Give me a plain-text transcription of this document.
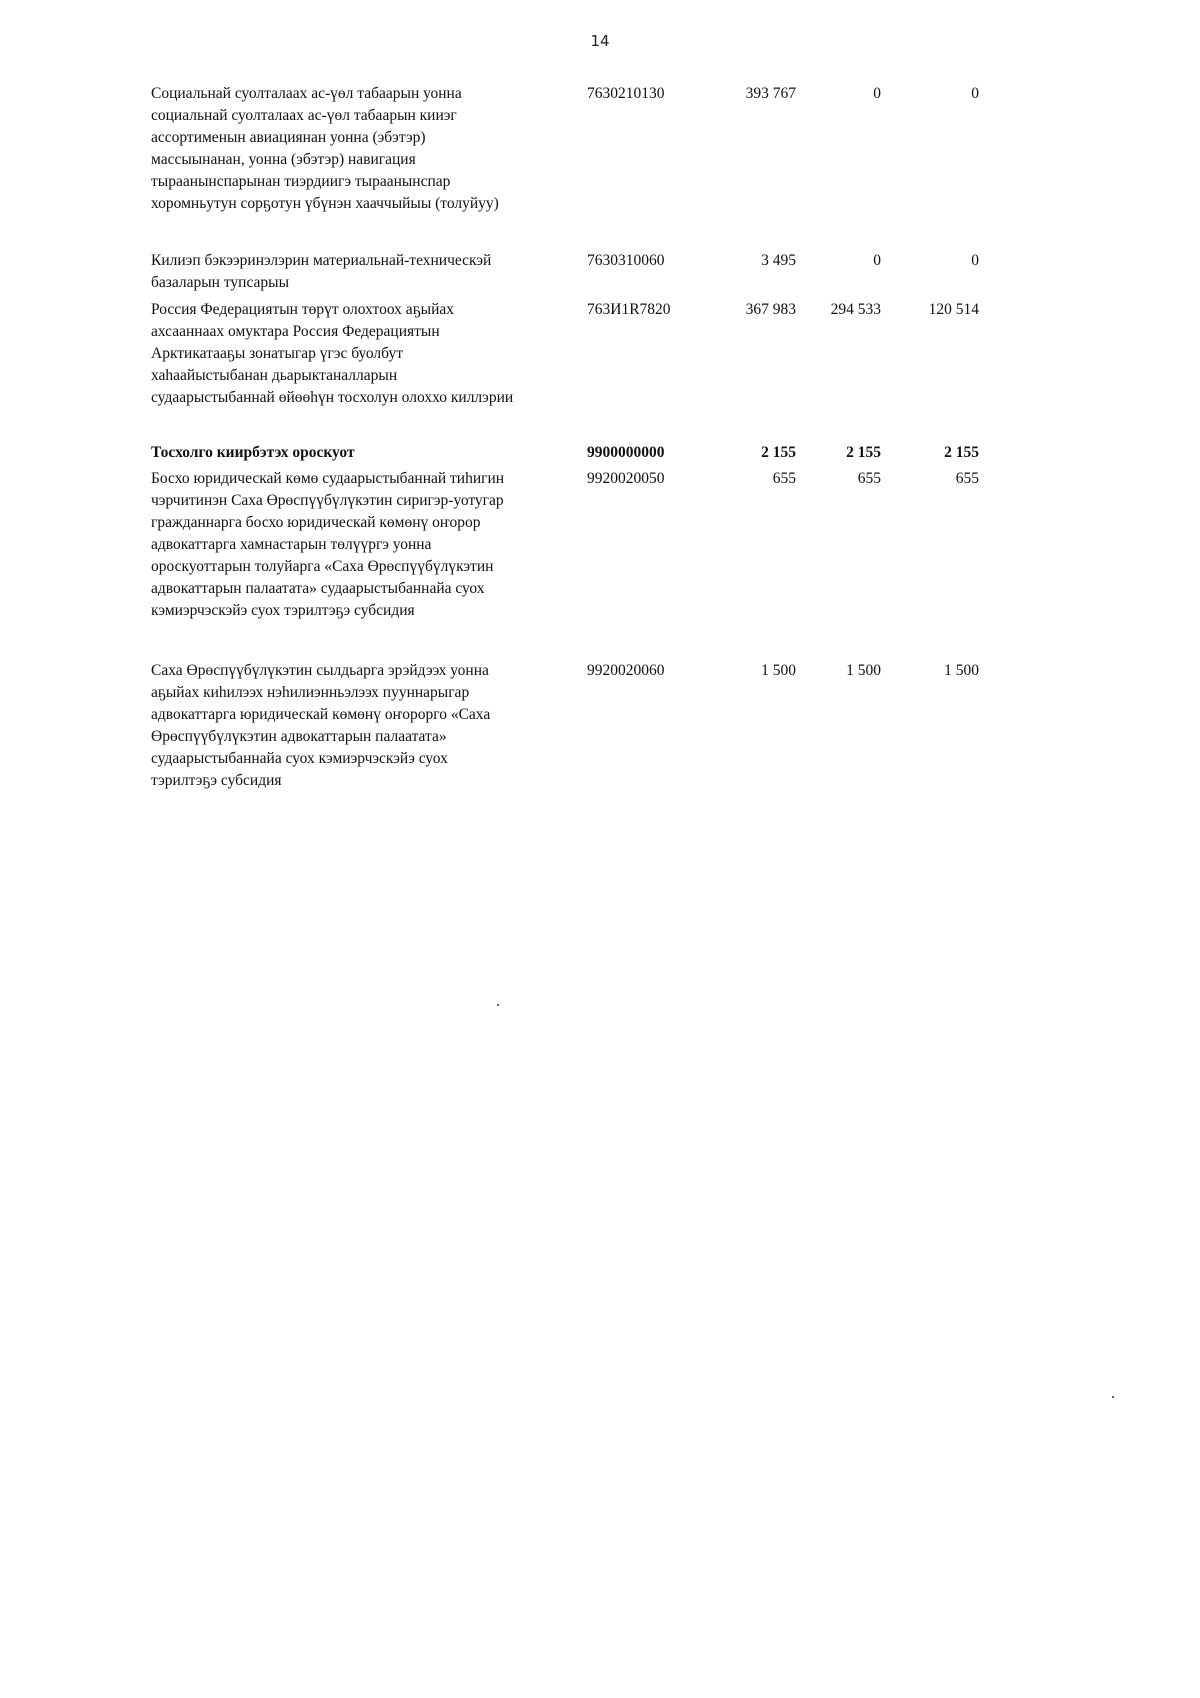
14
Социальнай суолталаах ас-үөл табаарын уонна
социальнай суолталаах ас-үөл табаарын кииэг
ассортименын авиациянан уонна (эбэтэр)
массыынанан, уонна (эбэтэр) навигация
тыраанынспарынан тиэрдиигэ тыраанынспар
хоромньутун сорҕотун үбүнэн хааччыйыы (толуйуу)
7630210130	393 767	0	0
Килиэп бэкээринэлэрин материальнай-техническэй
базаларын тупсарыы
7630310060	3 495	0	0
Россия Федерациятын төрүт олохтоох аҕыйах
ахсааннаах омуктара Россия Федерациятын
Арктикатааҕы зонатыгар үгэс буолбут
хаһаайыстыбанан дьарыктаналларын
судаарыстыбаннай өйөөһүн тосхолун олоххо киллэрии
763И1R7820	367 983	294 533	120 514
Тосхолго киирбэтэх ороскуот	9900000000	2 155	2 155	2 155
Босхо юридическай көмө судаарыстыбаннай тиһигин
чэрчитинэн Саха Өрөспүүбүлүкэтин сиригэр-уотугар
гражданнарга босхо юридическай көмөнү оҥорор
адвокаттарга хамнастарын төлүүргэ уонна
ороскуоттарын толуйарга «Саха Өрөспүүбүлүкэтин
адвокаттарын палаатата» судаарыстыбаннайа суох
кэмиэрчэскэйэ суох тэрилтэҕэ субсидия
9920020050	655	655	655
Саха Өрөспүүбүлүкэтин сылдьарга эрэйдээх уонна
аҕыйах киһилээх нэһилиэнньэлээх пууннарыгар
адвокаттарга юридическай көмөнү оҥорорго «Саха
Өрөспүүбүлүкэтин адвокаттарын палаатата»
судаарыстыбаннайа суох кэмиэрчэскэйэ суох
тэрилтэҕэ субсидия
9920020060	1 500	1 500	1 500
